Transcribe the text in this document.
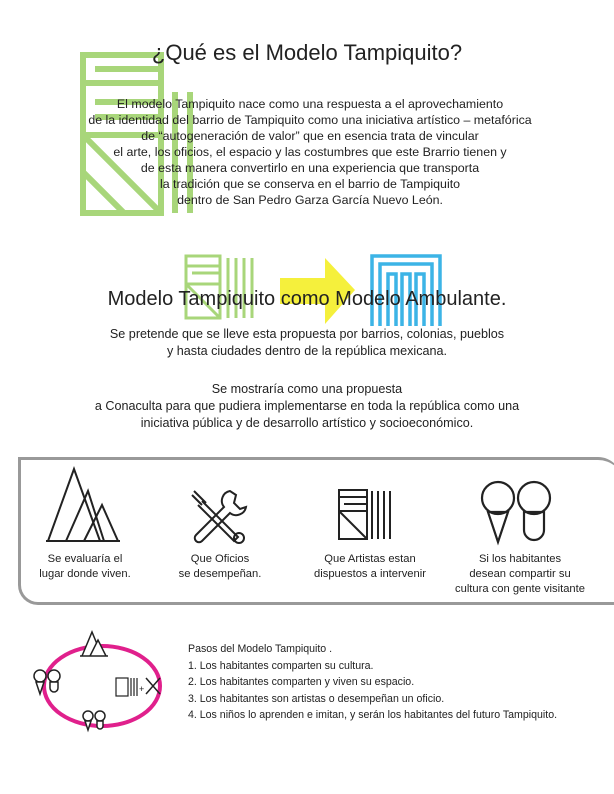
¿Qué es el Modelo Tampiquito?
El modelo Tampiquito nace como una respuesta a el aprovechamiento
de la identidad del barrio de Tampiquito como una iniciativa artístico – metafórica
de “autogeneración de valor” que en esencia trata de vincular
el arte, los oficios, el espacio y las costumbres que este Brarrio tienen y
de esta manera convertirlo en una experiencia que transporta
la tradición que se conserva en el barrio de Tampiquito
dentro de San Pedro Garza García Nuevo León.
Modelo Tampiquito como Modelo Ambulante.
Se pretende que se lleve esta propuesta por barrios, colonias, pueblos
y hasta ciudades dentro de la república mexicana.
Se mostraría como una propuesta
a Conaculta para que pudiera implementarse en toda la república como una
iniciativa pública y de desarrollo artístico y socioeconómico.
Se evaluaría el
lugar donde viven.
Que Oficios
se desempeñan.
Que Artistas estan
dispuestos a intervenir
Si los habitantes
desean compartir su
cultura con gente visitante
+
Pasos del Modelo Tampiquito .
1. Los habitantes comparten su cultura.
2. Los habitantes comparten y viven su espacio.
3. Los habitantes son artistas o desempeñan un oficio.
4. Los niños lo aprenden e imitan, y serán los habitantes del futuro Tampiquito.
